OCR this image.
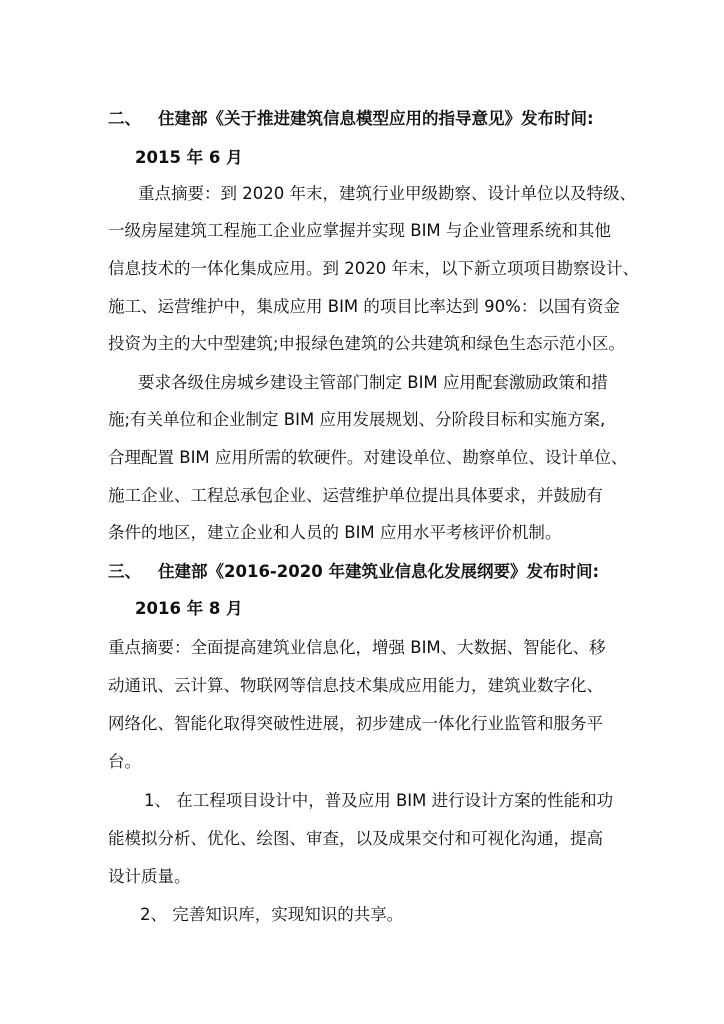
二、 住建部《关于推进建筑信息模型应用的指导意见》发布时间:
2015 年 6 月
重点摘要：到 2020 年末，建筑行业甲级勘察、设计单位以及特级、
一级房屋建筑工程施工企业应掌握并实现 BIM 与企业管理系统和其他
信息技术的一体化集成应用。到 2020 年末，以下新立项项目勘察设计、
施工、运营维护中，集成应用 BIM 的项目比率达到 90%：以国有资金
投资为主的大中型建筑;申报绿色建筑的公共建筑和绿色生态示范小区。
要求各级住房城乡建设主管部门制定 BIM 应用配套激励政策和措
施;有关单位和企业制定 BIM 应用发展规划、分阶段目标和实施方案,
合理配置 BIM 应用所需的软硬件。对建设单位、勘察单位、设计单位、
施工企业、工程总承包企业、运营维护单位提出具体要求，并鼓励有
条件的地区，建立企业和人员的 BIM 应用水平考核评价机制。
三、 住建部《2016-2020 年建筑业信息化发展纲要》发布时间:
2016 年 8 月
重点摘要：全面提高建筑业信息化，增强 BIM、大数据、智能化、移
动通讯、云计算、物联网等信息技术集成应用能力，建筑业数字化、
网络化、智能化取得突破性进展，初步建成一体化行业监管和服务平
台。
1、 在工程项目设计中，普及应用 BIM 进行设计方案的性能和功
能模拟分析、优化、绘图、审查，以及成果交付和可视化沟通，提高
设计质量。
2、 完善知识库，实现知识的共享。
